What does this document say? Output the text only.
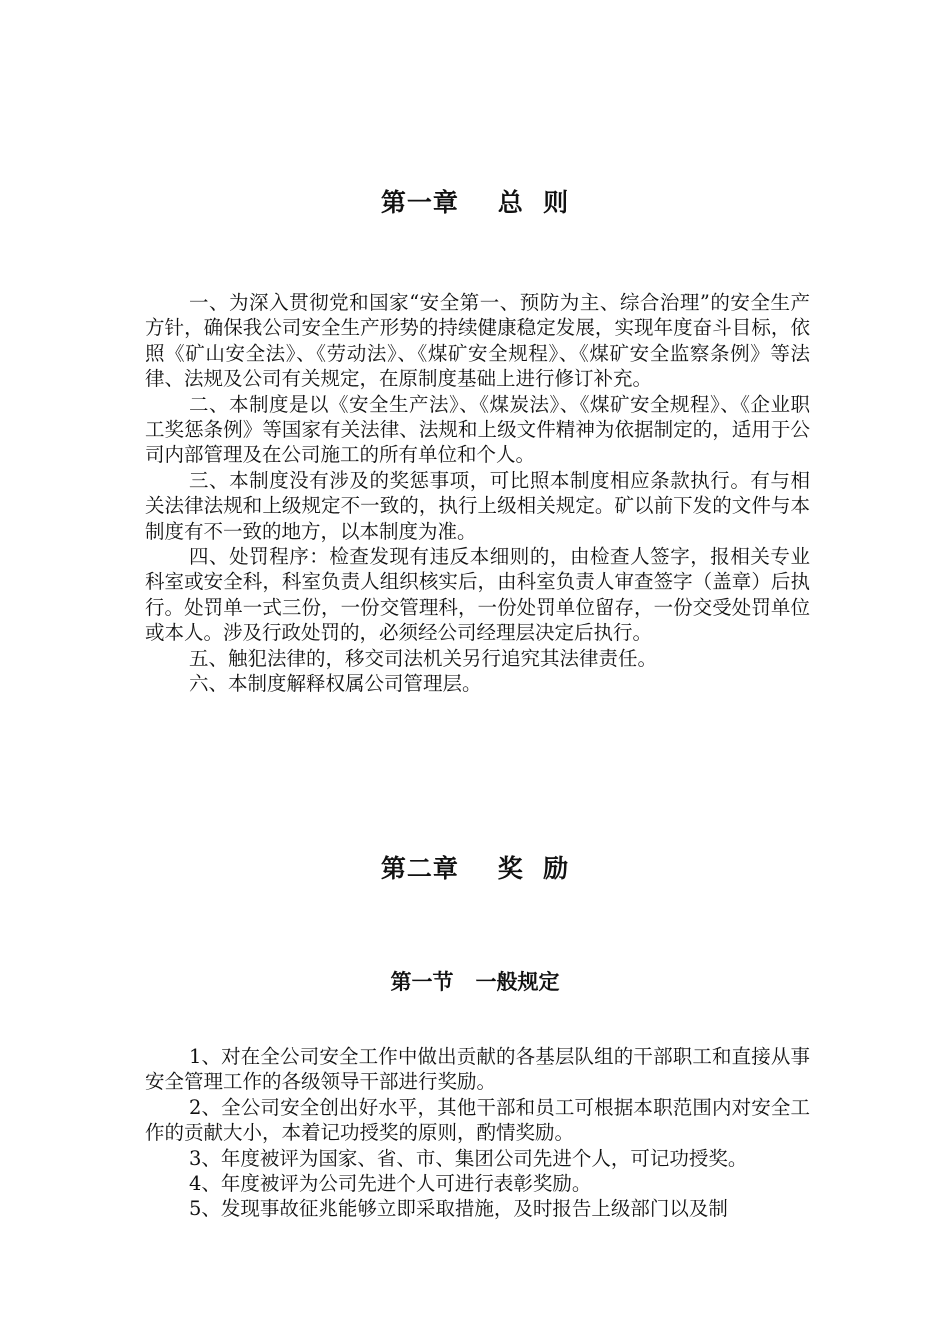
第一章    总  则

一、为深入贯彻党和国家“安全第一、预防为主、综合治理”的安全生产方针，确保我公司安全生产形势的持续健康稳定发展，实现年度奋斗目标，依照《矿山安全法》、《劳动法》、《煤矿安全规程》、《煤矿安全监察条例》等法律、法规及公司有关规定，在原制度基础上进行修订补充。

二、本制度是以《安全生产法》、《煤炭法》、《煤矿安全规程》、《企业职工奖惩条例》等国家有关法律、法规和上级文件精神为依据制定的，适用于公司内部管理及在公司施工的所有单位和个人。

三、本制度没有涉及的奖惩事项，可比照本制度相应条款执行。有与相关法律法规和上级规定不一致的，执行上级相关规定。矿以前下发的文件与本制度有不一致的地方，以本制度为准。

四、处罚程序：检查发现有违反本细则的，由检查人签字，报相关专业科室或安全科，科室负责人组织核实后，由科室负责人审查签字（盖章）后执行。处罚单一式三份，一份交管理科，一份处罚单位留存，一份交受处罚单位或本人。涉及行政处罚的，必须经公司经理层决定后执行。

五、触犯法律的，移交司法机关另行追究其法律责任。

六、本制度解释权属公司管理层。

第二章    奖  励
第一节   一般规定

1、对在全公司安全工作中做出贡献的各基层队组的干部职工和直接从事安全管理工作的各级领导干部进行奖励。

2、全公司安全创出好水平，其他干部和员工可根据本职范围内对安全工作的贡献大小，本着记功授奖的原则，酌情奖励。

3、年度被评为国家、省、市、集团公司先进个人，可记功授奖。

4、年度被评为公司先进个人可进行表彰奖励。

5、发现事故征兆能够立即采取措施，及时报告上级部门以及制
